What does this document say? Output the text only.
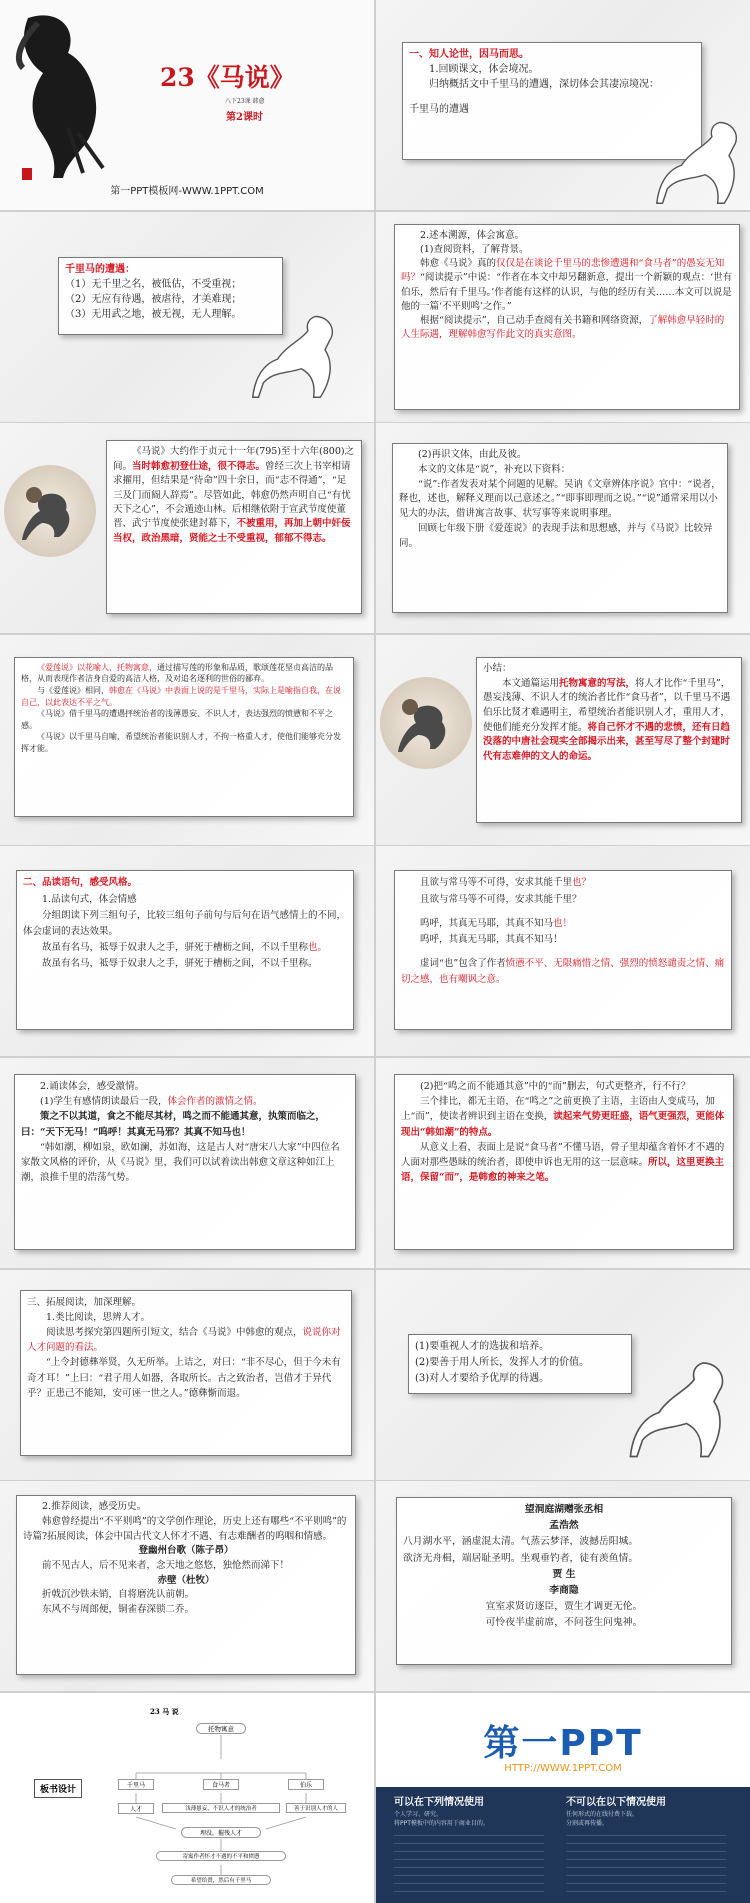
23《马说》
八下23课 韩愈
第2课时
第一PPT模板网-WWW.1PPT.COM

一、知人论世，因马而思。

1.回顾课文，体会境况。

归纳概括文中千里马的遭遇，深切体会其凄凉境况：

千里马的遭遇

千里马的遭遇：

（1）无千里之名，被低估，不受重视；

（2）无应有待遇，被虐待，才美难现；

（3）无用武之地，被无视，无人理解。

2.述本溯源，体会寓意。

(1)查阅资料，了解背景。

韩愈《马说》真的仅仅是在谈论千里马的悲惨遭遇和“食马者”的愚妄无知吗？“阅读提示”中说：“作者在本文中却另翻新意，提出一个新颖的观点：‘世有伯乐，然后有千里马。’作者能有这样的认识，与他的经历有关……本文可以说是他的一篇‘不平则鸣’之作。”

根据“阅读提示”，自己动手查阅有关书籍和网络资源，了解韩愈早轻时的人生际遇，理解韩愈写作此文的真实意图。

《马说》大约作于贞元十一年(795)至十六年(800)之间。当时韩愈初登仕途，很不得志。曾经三次上书宰相请求擢用，但结果是“待命”四十余日，而“志不得通”，“足三及门而阍人辞焉”。尽管如此，韩愈仍然声明自己“有忧天下之心”，不会遁迹山林。后相继依附于宣武节度使董晋、武宁节度使张建封幕下，不被重用，再加上朝中奸佞当权，政治黑暗，贤能之士不受重视，郁郁不得志。

(2)再识文体，由此及彼。

本文的文体是“说”，补充以下资料：

“说”:作者发表对某个问题的见解。吴讷《文章辨体序说》官中：“说者，释也，述也，解释义理而以己意述之。”“即事即理而之说。”“说”通常采用以小见大的办法，借讲寓言故事、状写事等来说明事理。

回顾七年级下册《爱莲说》的表现手法和思想感，并与《马说》比较异同。

《爱莲说》以花喻人，托物寓意，通过描写莲的形象和品质，歌颂莲花坚贞高洁的品格，从而表现作者洁身自爱的高洁人格，及对追名逐利的世俗的鄙弃。

与《爱莲说》相同，韩愈在《马说》中表面上说的是千里马，实际上是喻指自我，在说自己，以此表达不平之气。

《马说》借千里马的遭遇抨统治者的浅薄愚妄、不识人才，表达强烈的愤懑和不平之感。

《马说》以千里马自喻，希望统治者能识别人才，不拘一格重人才，使他们能够充分发挥才能。

小结：

本文通篇运用托物寓意的写法，将人才比作“千里马”，愚妄浅薄、不识人才的统治者比作“食马者”，以千里马不遇伯乐比贤才难遇明主，希望统治者能识别人才，重用人才，使他们能充分发挥才能。将自己怀才不遇的悲愤，还有日趋没落的中唐社会现实全部揭示出来，甚至写尽了整个封建时代有志难伸的文人的命运。

二、品读语句，感受风格。

1.品读句式，体会情感

分组朗读下列三组句子，比较三组句子前句与后句在语气感情上的不同，体会虚词的表达效果。

故虽有名马，祗辱于奴隶人之手，骈死于槽枥之间，不以千里称也。

故虽有名马，祗辱于奴隶人之手，骈死于槽枥之间，不以千里称。

且欲与常马等不可得，安求其能千里也？

且欲与常马等不可得，安求其能千里？

呜呼，其真无马耶，其真不知马也！

呜呼，其真无马耶，其真不知马！

虚词“也”包含了作者愤懑不平、无限痛惜之情、强烈的愤怒谴责之情、痛切之感，也有嘲讽之意。

2.诵读体会，感受激情。

(1)学生有感情朗读最后一段，体会作者的激情之情。

策之不以其道，食之不能尽其材，鸣之而不能通其意，执策而临之，曰：“天下无马！”呜呼！其真无马邪？其真不知马也！

“韩如潮，柳如泉，欧如澜，苏如海，这是古人对“唐宋八大家”中四位名家散文风格的评价，从《马说》里，我们可以试着读出韩愈文章这种如江上潮，浪推千里的浩荡气势。

(2)把“鸣之而不能通其意”中的“而”删去，句式更整齐，行不行？

三个排比，都无主语，在“鸣之”之前更换了主语，主语由人变成马，加上“而”，使读者辨识到主语在变换，读起来气势更旺盛，语气更强烈，更能体现出“韩如潮”的特点。

从意义上看，表面上是说“食马者”不懂马语，骨子里却蕴含着怀才不遇的人面对那些愚昧的统治者，即使申诉也无用的这一层意味。所以，这里更换主语，保留“而”，是韩愈的神来之笔。

三、拓展阅读，加深理解。

1.类比阅读，思辨人才。

阅读思考探究第四题所引短文，结合《马说》中韩愈的观点，说说你对人才问题的看法。

“上令封德彝举贤，久无所举。上诘之，对曰：“非不尽心，但于今未有奇才耳！”上曰：“君子用人如器，各取所长。古之致治者，岂借才于异代乎？正患己不能知，安可诬一世之人。”德彝惭而退。

(1)要重视人才的选拔和培养。

(2)要善于用人所长，发挥人才的价值。

(3)对人才要给予优厚的待遇。

2.推荐阅读，感受历史。

韩愈曾经提出“不平则鸣”的文学创作理论，历史上还有哪些“不平则鸣”的诗篇?拓展阅读，体会中国古代文人怀才不遇、有志难酬者的呜咽和情感。

登幽州台歌（陈子昂）

前不见古人，后不见来者，念天地之悠悠，独怆然而涕下！

赤壁（杜牧）

折戟沉沙铁未销，自将磨洗认前朝。

东风不与周郎便，铜雀春深锁二乔。

望洞庭湖赠张丞相

孟浩然

八月湖水平，涵虚混太清。气蒸云梦泽，波撼岳阳城。

欲济无舟楫，端居耻圣明。坐观垂钓者，徒有羡鱼情。

贾 生

李商隐

宣室求贤访逐臣，贾生才调更无伦。

可怜夜半虚前席，不问苍生问鬼神。

23 马 说
板书设计
托物寓意
千里马	食马者	伯乐
人才	浅薄愚妄，不识人才的统治者	善于识别人才的人
埋没，摧残人才
寄寓作者怀才不遇的不平和愤懑
希望给贤，然后有千里马
第一PPT
HTTP://WWW.1PPT.COM
可以在下列情况使用	不可以在以下情况使用
个人学习、研究。
将PPT模板中的内容用于商业目的。
任何形式的在线付费下载。
分割或再传播。
